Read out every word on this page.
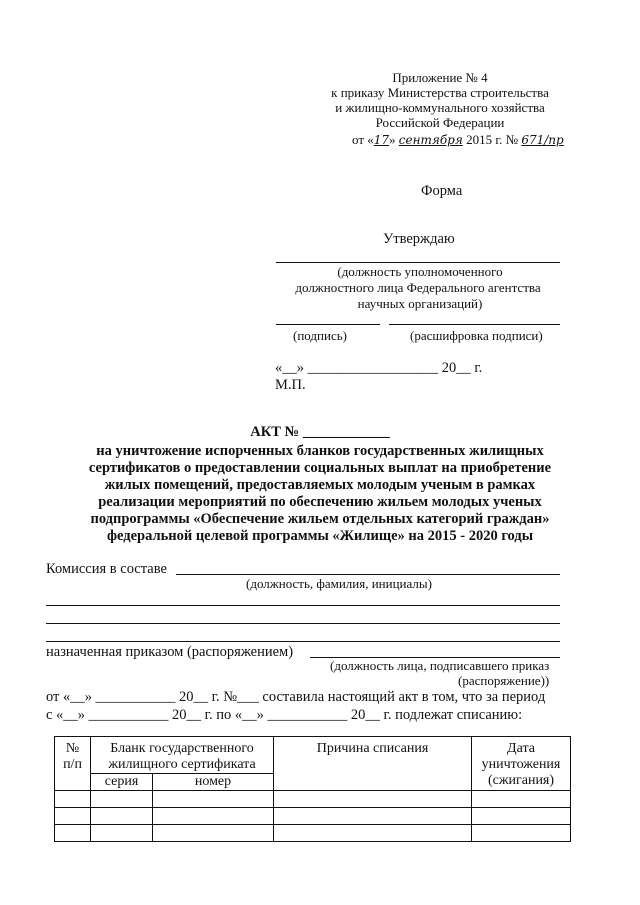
Приложение № 4
к приказу Министерства строительства
и жилищно-коммунального хозяйства
Российской Федерации
от «17» сентября 2015 г. № 671/пр
Форма
Утверждаю
(должность уполномоченного
должностного лица Федерального агентства
научных организаций)
(подпись)	(расшифровка подписи)
«__» __________________ 20__ г.
М.П.
АКТ № ____________
на уничтожение испорченных бланков государственных жилищных
сертификатов о предоставлении социальных выплат на приобретение
жилых помещений, предоставляемых молодым ученым в рамках
реализации мероприятий по обеспечению жильем молодых ученых
подпрограммы «Обеспечение жильем отдельных категорий граждан»
федеральной целевой программы «Жилище» на 2015 - 2020 годы
Комиссия в составе
(должность, фамилия, инициалы)
назначенная приказом (распоряжением)
(должность лица, подписавшего приказ
(распоряжение))
от «__» ___________ 20__ г. №___ составила настоящий акт в том, что за период
с «__» ___________ 20__ г. по «__» ___________ 20__ г. подлежат списанию:
№ п/п	Бланк государственного жилищного сертификата		Причина списания	Дата уничтожения (сжигания)
	серия	номер		
